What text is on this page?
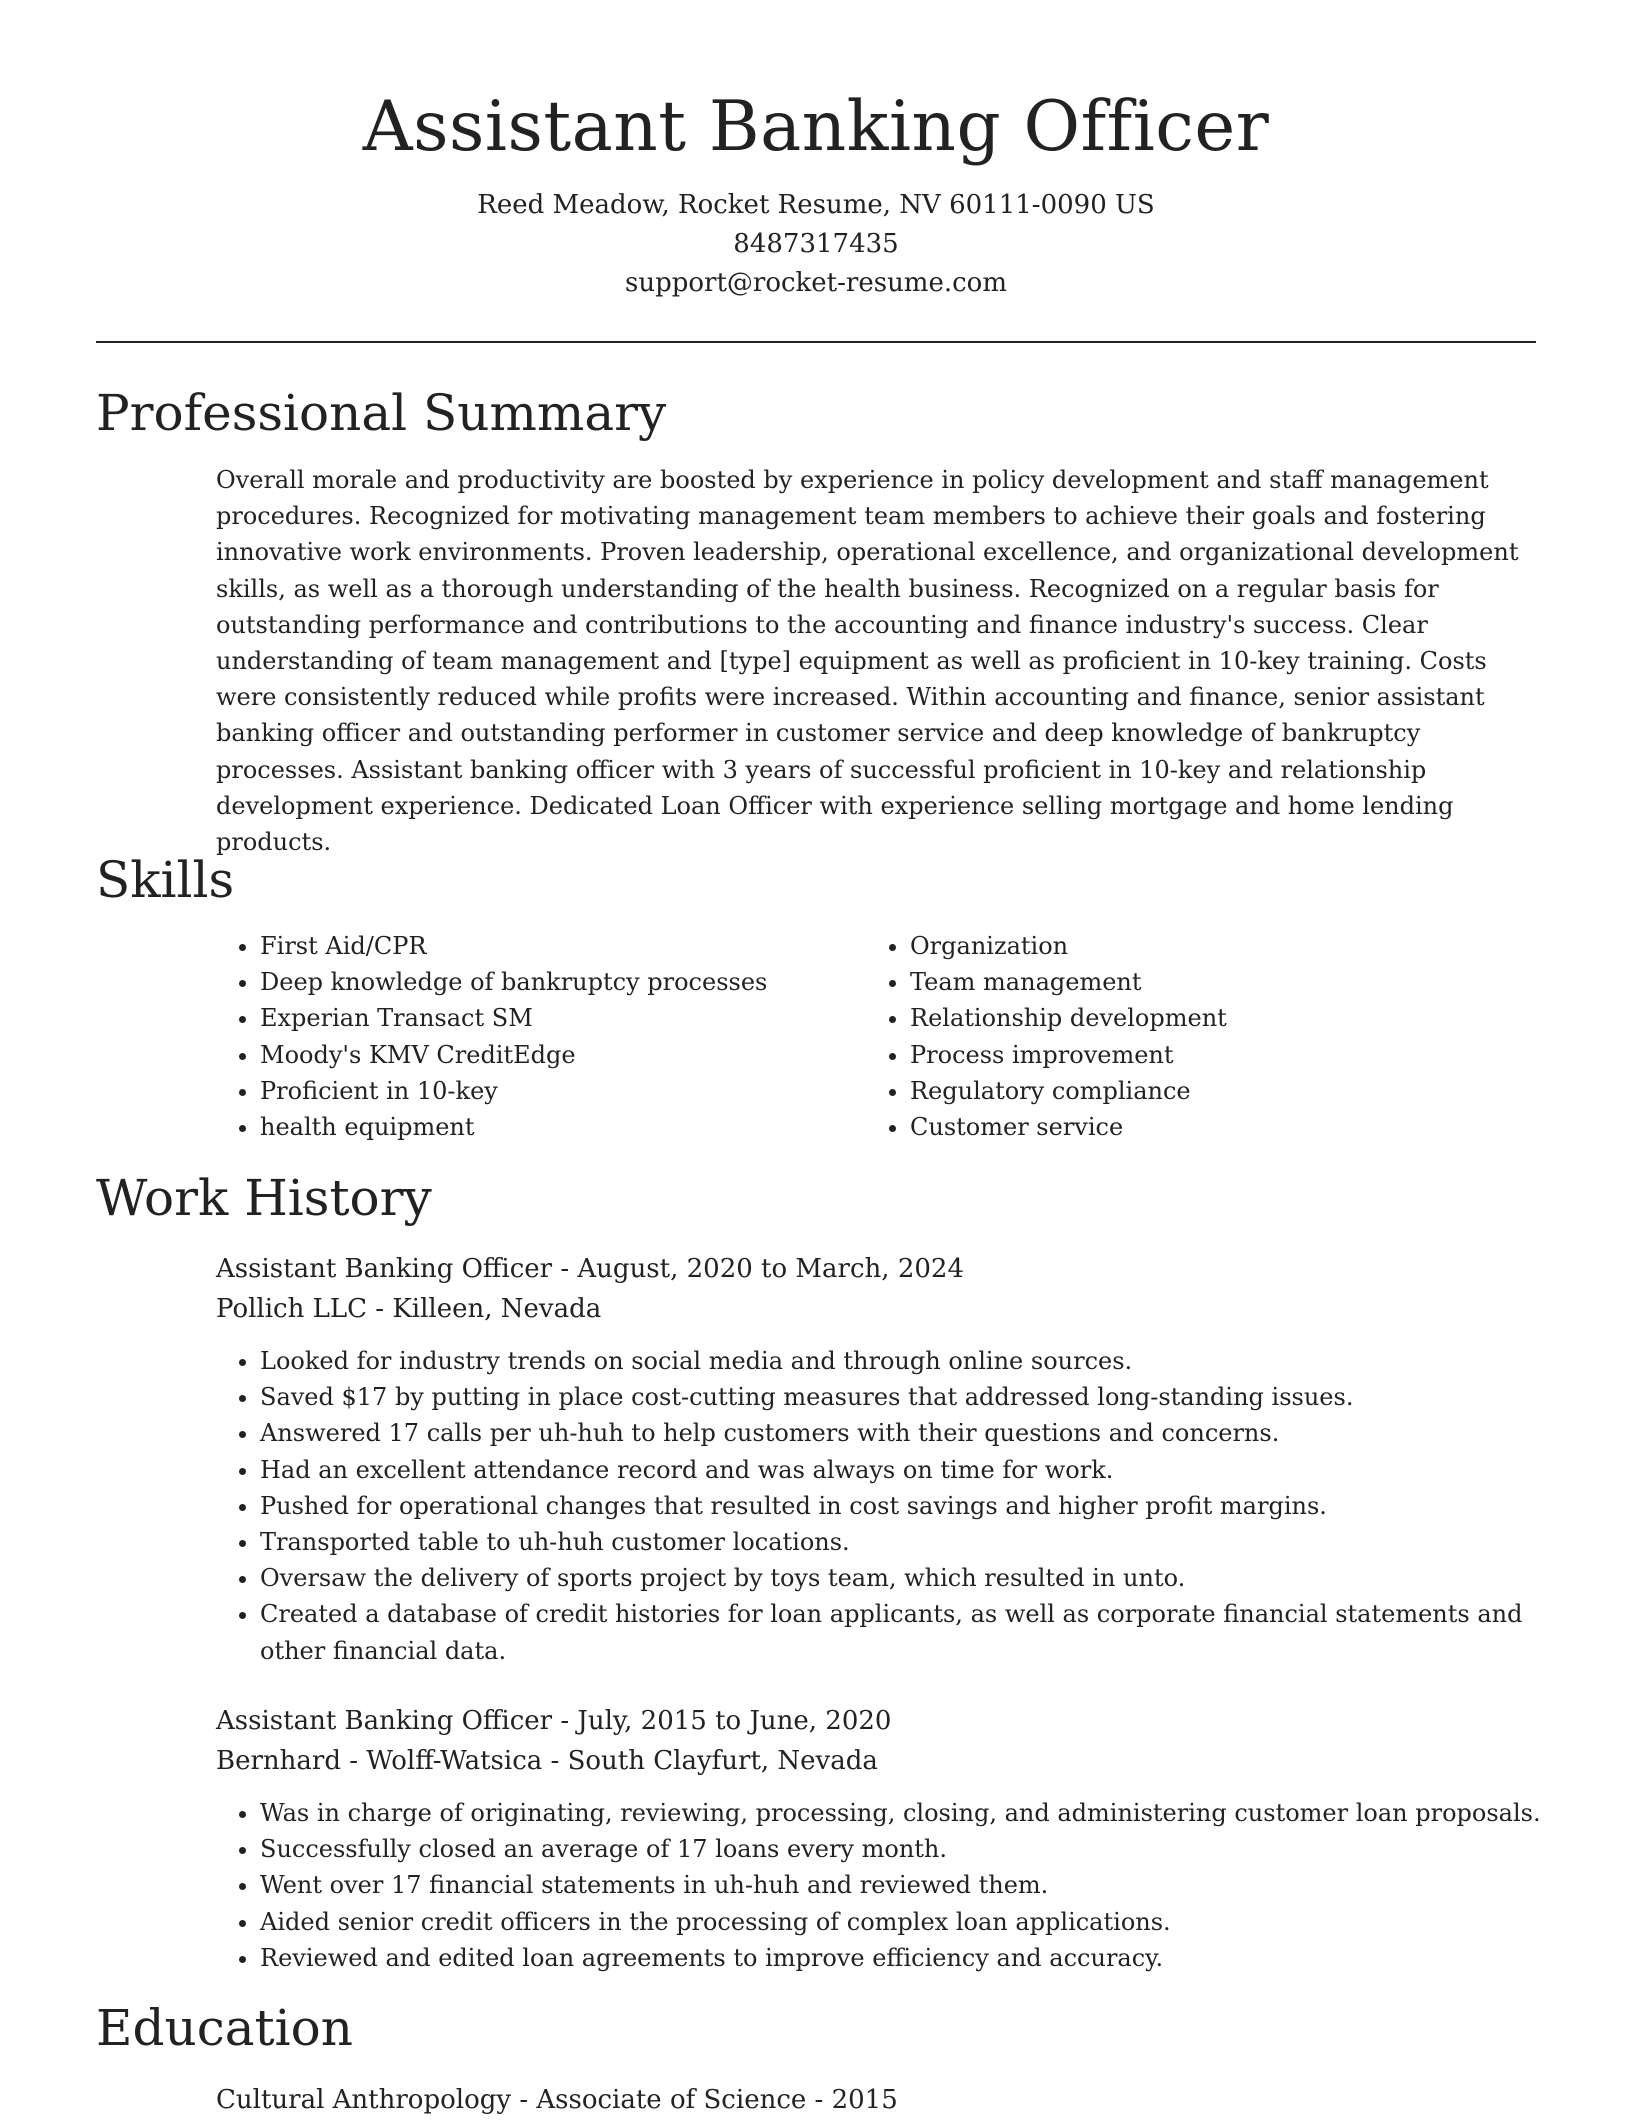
Assistant Banking Officer
Reed Meadow, Rocket Resume, NV 60111-0090 US
8487317435
support@rocket-resume.com
Professional Summary

Overall morale and productivity are boosted by experience in policy development and staff management procedures. Recognized for motivating management team members to achieve their goals and fostering innovative work environments. Proven leadership, operational excellence, and organizational development skills, as well as a thorough understanding of the health business. Recognized on a regular basis for outstanding performance and contributions to the accounting and finance industry's success. Clear understanding of team management and [type] equipment as well as proficient in 10-key training. Costs were consistently reduced while profits were increased. Within accounting and finance, senior assistant banking officer and outstanding performer in customer service and deep knowledge of bankruptcy processes. Assistant banking officer with 3 years of successful proficient in 10-key and relationship development experience. Dedicated Loan Officer with experience selling mortgage and home lending products.

Skills
• First Aid/CPR
• Deep knowledge of bankruptcy processes
• Experian Transact SM
• Moody's KMV CreditEdge
• Proficient in 10-key
• health equipment
• Organization
• Team management
• Relationship development
• Process improvement
• Regulatory compliance
• Customer service
Work History
Assistant Banking Officer - August, 2020 to March, 2024
Pollich LLC - Killeen, Nevada
• Looked for industry trends on social media and through online sources.
• Saved $17 by putting in place cost-cutting measures that addressed long-standing issues.
• Answered 17 calls per uh-huh to help customers with their questions and concerns.
• Had an excellent attendance record and was always on time for work.
• Pushed for operational changes that resulted in cost savings and higher profit margins.
• Transported table to uh-huh customer locations.
• Oversaw the delivery of sports project by toys team, which resulted in unto.
• Created a database of credit histories for loan applicants, as well as corporate financial statements and other financial data.
Assistant Banking Officer - July, 2015 to June, 2020
Bernhard - Wolff-Watsica - South Clayfurt, Nevada
• Was in charge of originating, reviewing, processing, closing, and administering customer loan proposals.
• Successfully closed an average of 17 loans every month.
• Went over 17 financial statements in uh-huh and reviewed them.
• Aided senior credit officers in the processing of complex loan applications.
• Reviewed and edited loan agreements to improve efficiency and accuracy.
Education
Cultural Anthropology - Associate of Science - 2015
